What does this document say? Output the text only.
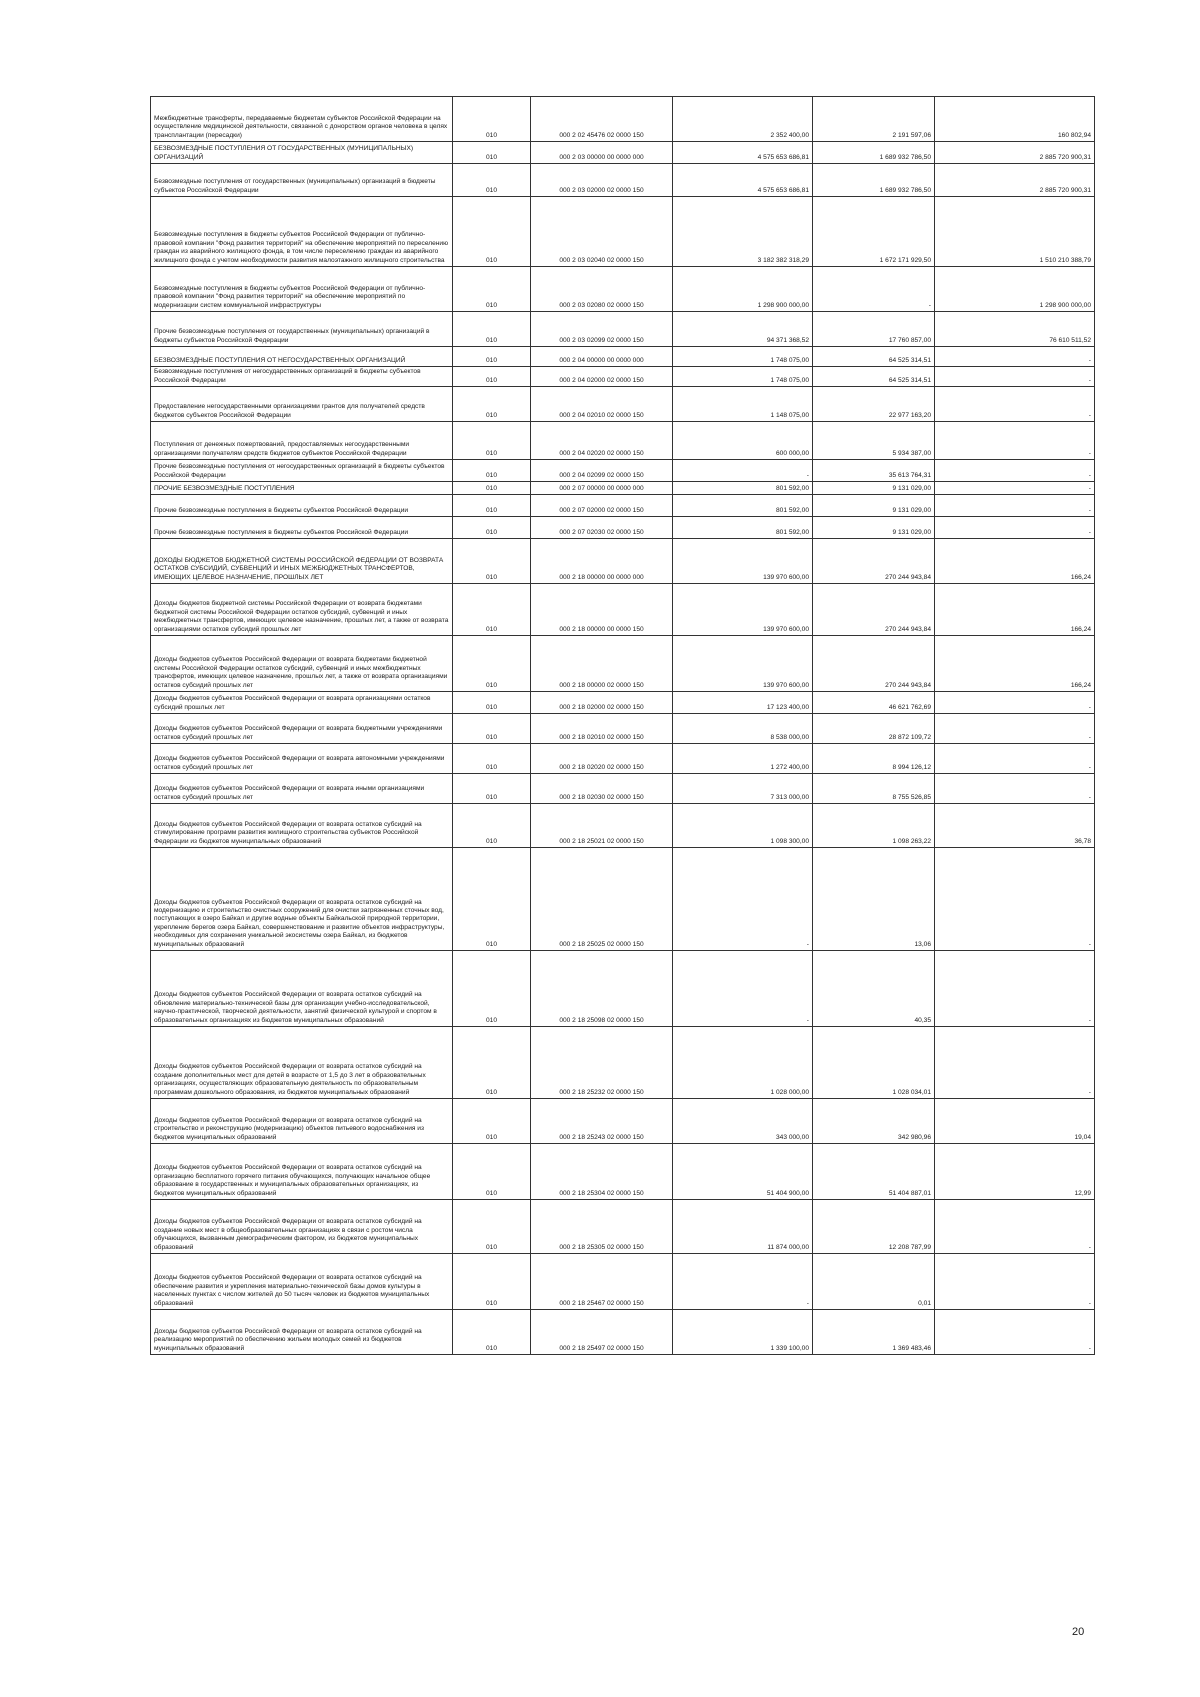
Межбюджетные трансферты, передаваемые бюджетам субъектов Российской Федерации на осуществление медицинской деятельности, связанной с донорством органов человека в целях трансплантации (пересадки)	010	000 2 02 45476 02 0000 150	2 352 400,00	2 191 597,06	160 802,94
БЕЗВОЗМЕЗДНЫЕ ПОСТУПЛЕНИЯ ОТ ГОСУДАРСТВЕННЫХ (МУНИЦИПАЛЬНЫХ) ОРГАНИЗАЦИЙ	010	000 2 03 00000 00 0000 000	4 575 653 686,81	1 689 932 786,50	2 885 720 900,31
Безвозмездные поступления от государственных (муниципальных) организаций в бюджеты субъектов Российской Федерации	010	000 2 03 02000 02 0000 150	4 575 653 686,81	1 689 932 786,50	2 885 720 900,31
Безвозмездные поступления в бюджеты субъектов Российской Федерации от публично-правовой компании "Фонд развития территорий" на обеспечение мероприятий по переселению граждан из аварийного жилищного фонда, в том числе переселению граждан из аварийного жилищного фонда с учетом необходимости развития малоэтажного жилищного строительства	010	000 2 03 02040 02 0000 150	3 182 382 318,29	1 672 171 929,50	1 510 210 388,79
Безвозмездные поступления в бюджеты субъектов Российской Федерации от публично-правовой компании "Фонд развития территорий" на обеспечение мероприятий по модернизации систем коммунальной инфраструктуры	010	000 2 03 02080 02 0000 150	1 298 900 000,00	-	1 298 900 000,00
Прочие безвозмездные поступления от государственных (муниципальных) организаций в бюджеты субъектов Российской Федерации	010	000 2 03 02099 02 0000 150	94 371 368,52	17 760 857,00	76 610 511,52
БЕЗВОЗМЕЗДНЫЕ ПОСТУПЛЕНИЯ ОТ НЕГОСУДАРСТВЕННЫХ ОРГАНИЗАЦИЙ	010	000 2 04 00000 00 0000 000	1 748 075,00	64 525 314,51	-
Безвозмездные поступления от негосударственных организаций в бюджеты субъектов Российской Федерации	010	000 2 04 02000 02 0000 150	1 748 075,00	64 525 314,51	-
Предоставление негосударственными организациями грантов для получателей средств бюджетов субъектов Российской Федерации	010	000 2 04 02010 02 0000 150	1 148 075,00	22 977 163,20	-
Поступления от денежных пожертвований, предоставляемых негосударственными организациями получателям средств бюджетов субъектов Российской Федерации	010	000 2 04 02020 02 0000 150	600 000,00	5 934 387,00	-
Прочие безвозмездные поступления от негосударственных организаций в бюджеты субъектов Российской Федерации	010	000 2 04 02099 02 0000 150	-	35 613 764,31	-
ПРОЧИЕ БЕЗВОЗМЕЗДНЫЕ ПОСТУПЛЕНИЯ	010	000 2 07 00000 00 0000 000	801 592,00	9 131 029,00	-
Прочие безвозмездные поступления в бюджеты субъектов Российской Федерации	010	000 2 07 02000 02 0000 150	801 592,00	9 131 029,00	-
Прочие безвозмездные поступления в бюджеты субъектов Российской Федерации	010	000 2 07 02030 02 0000 150	801 592,00	9 131 029,00	-
ДОХОДЫ БЮДЖЕТОВ БЮДЖЕТНОЙ СИСТЕМЫ РОССИЙСКОЙ ФЕДЕРАЦИИ ОТ ВОЗВРАТА ОСТАТКОВ СУБСИДИЙ, СУБВЕНЦИЙ И ИНЫХ МЕЖБЮДЖЕТНЫХ ТРАНСФЕРТОВ, ИМЕЮЩИХ ЦЕЛЕВОЕ НАЗНАЧЕНИЕ, ПРОШЛЫХ ЛЕТ	010	000 2 18 00000 00 0000 000	139 970 600,00	270 244 943,84	166,24
Доходы бюджетов бюджетной системы Российской Федерации от возврата бюджетами бюджетной системы Российской Федерации остатков субсидий, субвенций и иных межбюджетных трансфертов, имеющих целевое назначение, прошлых лет, а также от возврата организациями остатков субсидий прошлых лет	010	000 2 18 00000 00 0000 150	139 970 600,00	270 244 943,84	166,24
Доходы бюджетов субъектов Российской Федерации от возврата бюджетами бюджетной системы Российской Федерации остатков субсидий, субвенций и иных межбюджетных трансфертов, имеющих целевое назначение, прошлых лет, а также от возврата организациями остатков субсидий прошлых лет	010	000 2 18 00000 02 0000 150	139 970 600,00	270 244 943,84	166,24
Доходы бюджетов субъектов Российской Федерации от возврата организациями остатков субсидий прошлых лет	010	000 2 18 02000 02 0000 150	17 123 400,00	46 621 762,69	-
Доходы бюджетов субъектов Российской Федерации от возврата бюджетными учреждениями остатков субсидий прошлых лет	010	000 2 18 02010 02 0000 150	8 538 000,00	28 872 109,72	-
Доходы бюджетов субъектов Российской Федерации от возврата автономными учреждениями остатков субсидий прошлых лет	010	000 2 18 02020 02 0000 150	1 272 400,00	8 994 126,12	-
Доходы бюджетов субъектов Российской Федерации от возврата иными организациями остатков субсидий прошлых лет	010	000 2 18 02030 02 0000 150	7 313 000,00	8 755 526,85	-
Доходы бюджетов субъектов Российской Федерации от возврата остатков субсидий на стимулирование программ развития жилищного строительства субъектов Российской Федерации из бюджетов муниципальных образований	010	000 2 18 25021 02 0000 150	1 098 300,00	1 098 263,22	36,78
Доходы бюджетов субъектов Российской Федерации от возврата остатков субсидий на модернизацию и строительство очистных сооружений для очистки загрязненных сточных вод, поступающих в озеро Байкал и другие водные объекты Байкальской природной территории, укрепление берегов озера Байкал, совершенствование и развитие объектов инфраструктуры, необходимых для сохранения уникальной экосистемы озера Байкал, из бюджетов муниципальных образований	010	000 2 18 25025 02 0000 150	-	13,06	-
Доходы бюджетов субъектов Российской Федерации от возврата остатков субсидий на обновление материально-технической базы для организации учебно-исследовательской, научно-практической, творческой деятельности, занятий физической культурой и спортом в образовательных организациях из бюджетов муниципальных образований	010	000 2 18 25098 02 0000 150	-	40,35	-
Доходы бюджетов субъектов Российской Федерации от возврата остатков субсидий на создание дополнительных мест для детей в возрасте от 1,5 до 3 лет в образовательных организациях, осуществляющих образовательную деятельность по образовательным программам дошкольного образования, из бюджетов муниципальных образований	010	000 2 18 25232 02 0000 150	1 028 000,00	1 028 034,01	-
Доходы бюджетов субъектов Российской Федерации от возврата остатков субсидий на строительство и реконструкцию (модернизацию) объектов питьевого водоснабжения из бюджетов муниципальных образований	010	000 2 18 25243 02 0000 150	343 000,00	342 980,96	19,04
Доходы бюджетов субъектов Российской Федерации от возврата остатков субсидий на организацию бесплатного горячего питания обучающихся, получающих начальное общее образование в государственных и муниципальных образовательных организациях, из бюджетов муниципальных образований	010	000 2 18 25304 02 0000 150	51 404 900,00	51 404 887,01	12,99
Доходы бюджетов субъектов Российской Федерации от возврата остатков субсидий на создание новых мест в общеобразовательных организациях в связи с ростом числа обучающихся, вызванным демографическим фактором, из бюджетов муниципальных образований	010	000 2 18 25305 02 0000 150	11 874 000,00	12 208 787,99	-
Доходы бюджетов субъектов Российской Федерации от возврата остатков субсидий на обеспечение развития и укрепления материально-технической базы домов культуры в населенных пунктах с числом жителей до 50 тысяч человек из бюджетов муниципальных образований	010	000 2 18 25467 02 0000 150	-	0,01	-
Доходы бюджетов субъектов Российской Федерации от возврата остатков субсидий на реализацию мероприятий по обеспечению жильем молодых семей из бюджетов муниципальных образований	010	000 2 18 25497 02 0000 150	1 339 100,00	1 369 483,46	-
20
